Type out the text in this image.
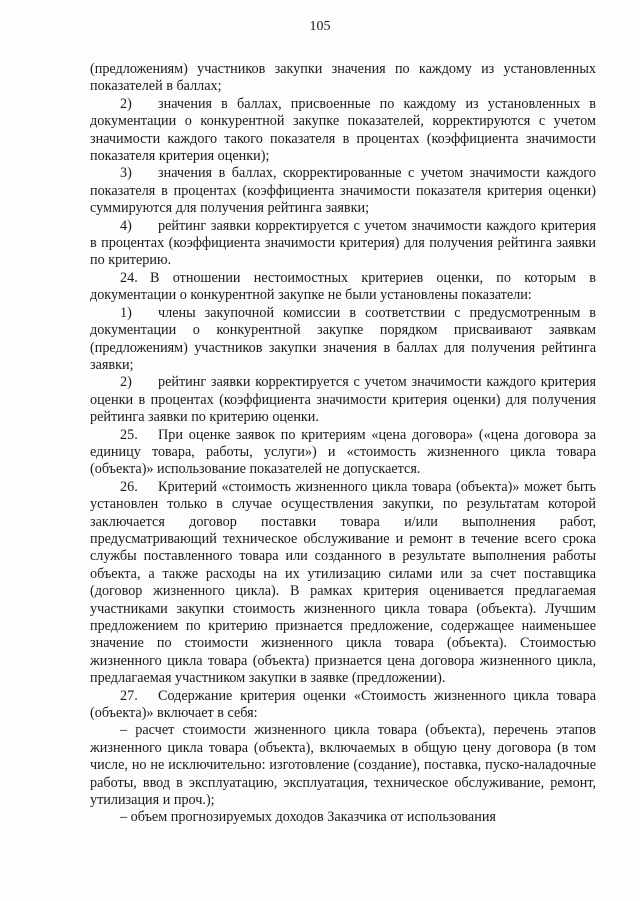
105

(предложениям) участников закупки значения по каждому из установленных показателей в баллах;

2) значения в баллах, присвоенные по каждому из установленных в документации о конкурентной закупке показателей, корректируются с учетом значимости каждого такого показателя в процентах (коэффициента значимости показателя критерия оценки);

3) значения в баллах, скорректированные с учетом значимости каждого показателя в процентах (коэффициента значимости показателя критерия оценки) суммируются для получения рейтинга заявки;

4) рейтинг заявки корректируется с учетом значимости каждого критерия в процентах (коэффициента значимости критерия) для получения рейтинга заявки по критерию.

24. В отношении нестоимостных критериев оценки, по которым в документации о конкурентной закупке не были установлены показатели:

1) члены закупочной комиссии в соответствии с предусмотренным в документации о конкурентной закупке порядком присваивают заявкам (предложениям) участников закупки значения в баллах для получения рейтинга заявки;

2) рейтинг заявки корректируется с учетом значимости каждого критерия оценки в процентах (коэффициента значимости критерия оценки) для получения рейтинга заявки по критерию оценки.

25. При оценке заявок по критериям «цена договора» («цена договора за единицу товара, работы, услуги») и «стоимость жизненного цикла товара (объекта)» использование показателей не допускается.

26. Критерий «стоимость жизненного цикла товара (объекта)» может быть установлен только в случае осуществления закупки, по результатам которой заключается договор поставки товара и/или выполнения работ, предусматривающий техническое обслуживание и ремонт в течение всего срока службы поставленного товара или созданного в результате выполнения работы объекта, а также расходы на их утилизацию силами или за счет поставщика (договор жизненного цикла). В рамках критерия оценивается предлагаемая участниками закупки стоимость жизненного цикла товара (объекта). Лучшим предложением по критерию признается предложение, содержащее наименьшее значение по стоимости жизненного цикла товара (объекта). Стоимостью жизненного цикла товара (объекта) признается цена договора жизненного цикла, предлагаемая участником закупки в заявке (предложении).

27. Содержание критерия оценки «Стоимость жизненного цикла товара (объекта)» включает в себя:

– расчет стоимости жизненного цикла товара (объекта), перечень этапов жизненного цикла товара (объекта), включаемых в общую цену договора (в том числе, но не исключительно: изготовление (создание), поставка, пуско-наладочные работы, ввод в эксплуатацию, эксплуатация, техническое обслуживание, ремонт, утилизация и проч.);

– объем прогнозируемых доходов Заказчика от использования
